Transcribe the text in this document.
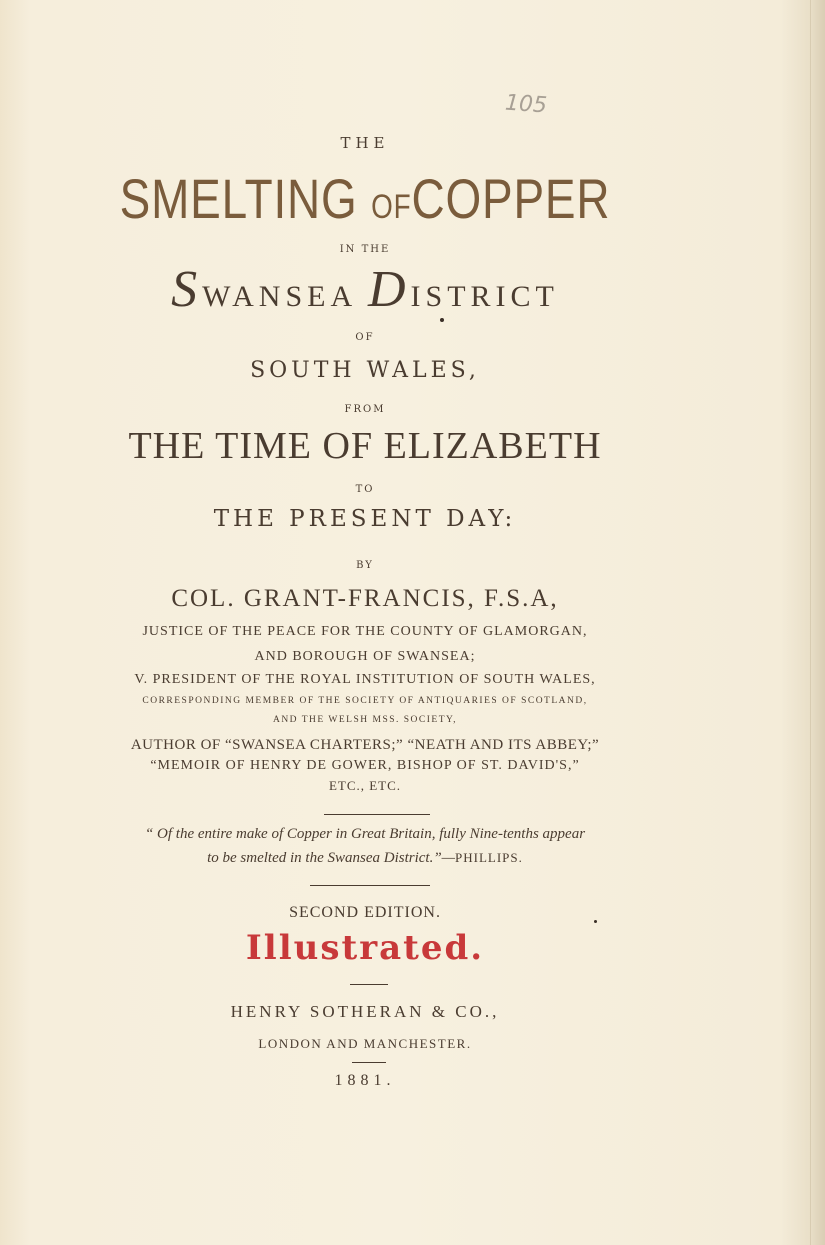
105
THE
SMELTING OFCOPPER
IN THE
SWANSEA DISTRICT
OF
SOUTH WALES,
FROM
THE TIME OF ELIZABETH
TO
THE PRESENT DAY:
BY
COL. GRANT-FRANCIS, F.S.A,
JUSTICE OF THE PEACE FOR THE COUNTY OF GLAMORGAN,
AND BOROUGH OF SWANSEA;
V. PRESIDENT OF THE ROYAL INSTITUTION OF SOUTH WALES,
CORRESPONDING MEMBER OF THE SOCIETY OF ANTIQUARIES OF SCOTLAND,
AND THE WELSH MSS. SOCIETY,
AUTHOR OF “SWANSEA CHARTERS;” “NEATH AND ITS ABBEY;”
“MEMOIR OF HENRY DE GOWER, BISHOP OF ST. DAVID'S,”
ETC., ETC.
“ Of the entire make of Copper in Great Britain, fully Nine-tenths appear
to be smelted in the Swansea District.”—PHILLIPS.
SECOND EDITION.
Illustrated.
HENRY SOTHERAN & CO.,
LONDON AND MANCHESTER.
1881.
